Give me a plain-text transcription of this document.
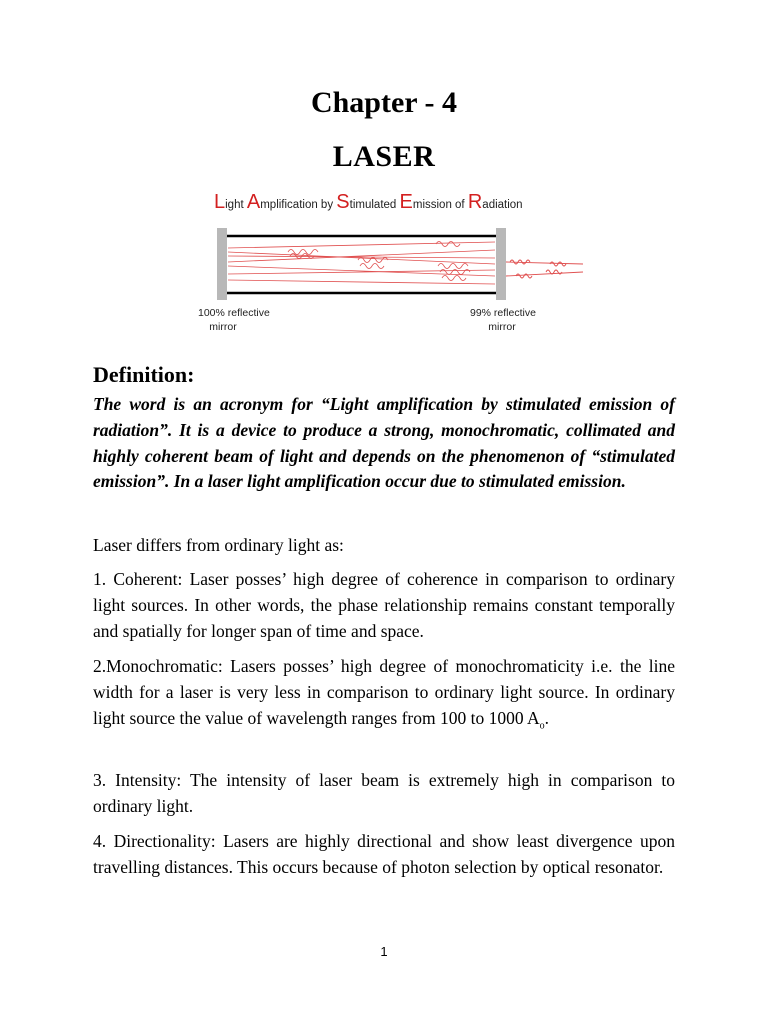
Chapter - 4
LASER
Light Amplification by Stimulated Emission of Radiation
100% reflective
mirror
99% reflective
mirror
Definition:

The word is an acronym for “Light amplification by stimulated emission of radiation”. It is a device to produce a strong, monochromatic, collimated and highly coherent beam of light and depends on the phenomenon of “stimulated emission”. In a laser light amplification occur due to stimulated emission.

Laser differs from ordinary light as:

1. Coherent: Laser posses’ high degree of coherence in comparison to ordinary light sources. In other words, the phase relationship remains constant temporally and spatially for longer span of time and space.

2.Monochromatic: Lasers posses’ high degree of monochromaticity i.e. the line width for a laser is very less in comparison to ordinary light source. In ordinary light source the value of wavelength ranges from 100 to 1000 $A_o$.

3. Intensity: The intensity of laser beam is extremely high in comparison to ordinary light.

4. Directionality: Lasers are highly directional and show least divergence upon travelling distances. This occurs because of photon selection by optical resonator.

1
